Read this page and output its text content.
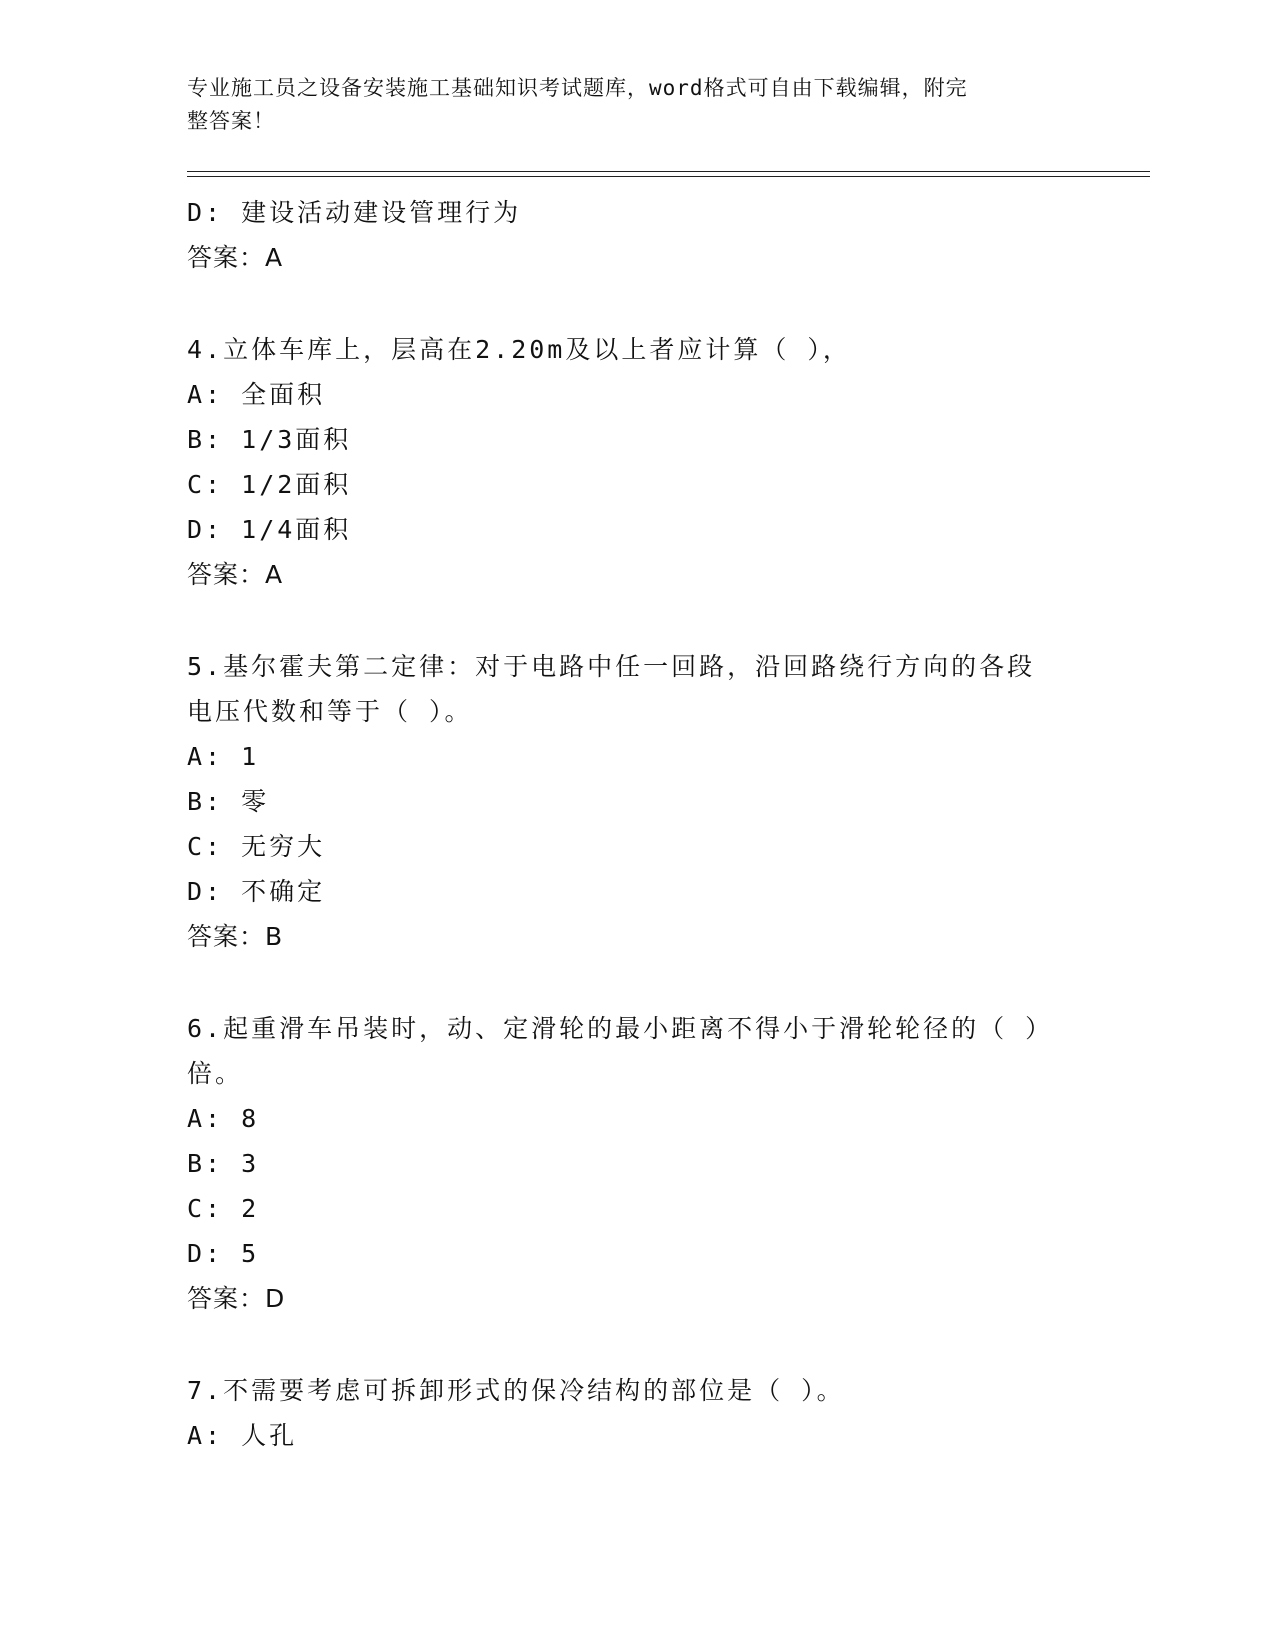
专业施工员之设备安装施工基础知识考试题库，word格式可自由下载编辑，附完
整答案！
D: 建设活动建设管理行为
答案：A
4.立体车库上，层高在2.20m及以上者应计算（ ），
A: 全面积
B: 1/3面积
C: 1/2面积
D: 1/4面积
答案：A
5.基尔霍夫第二定律：对于电路中任一回路，沿回路绕行方向的各段
电压代数和等于（ ）。
A: 1
B: 零
C: 无穷大
D: 不确定
答案：B
6.起重滑车吊装时，动、定滑轮的最小距离不得小于滑轮轮径的（ ）
倍。
A: 8
B: 3
C: 2
D: 5
答案：D
7.不需要考虑可拆卸形式的保冷结构的部位是（ ）。
A: 人孔
